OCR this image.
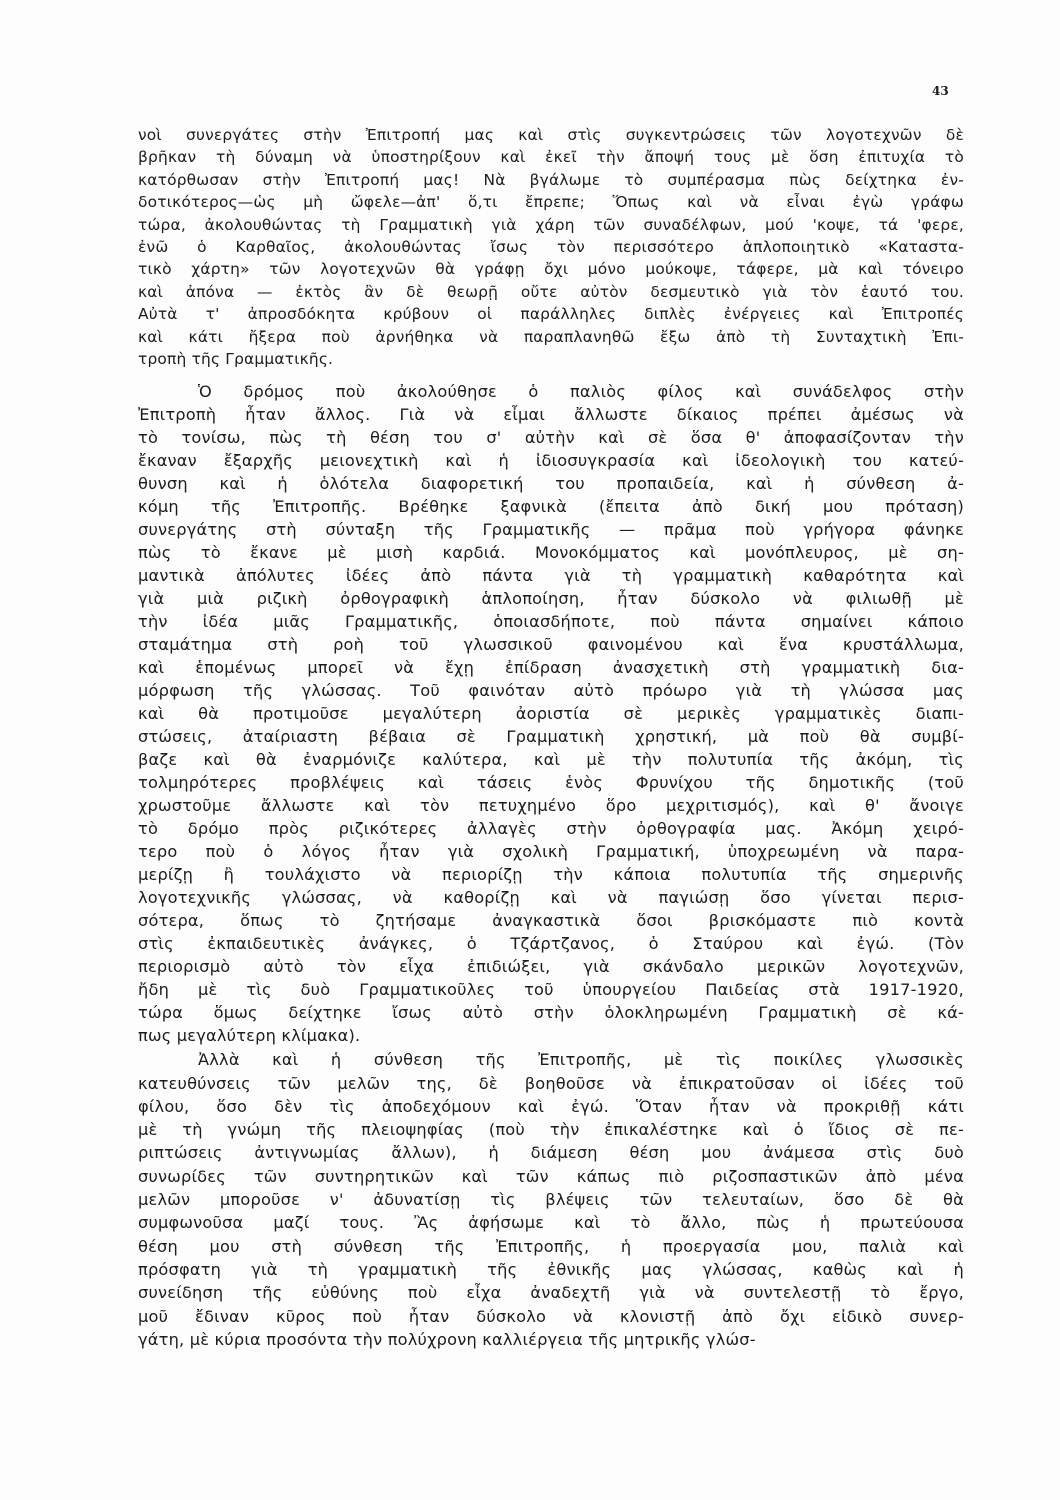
43
νοὶ συνεργάτες στὴν Ἐπιτροπή μας καὶ στὶς συγκεντρώσεις τῶν λογοτεχνῶν δὲ
βρῆκαν τὴ δύναμη νὰ ὑποστηρίξουν καὶ ἐκεῖ τὴν ἄποψή τους μὲ ὅση ἐπιτυχία τὸ
κατόρθωσαν στὴν Ἐπιτροπή μας! Νὰ βγάλωμε τὸ συμπέρασμα πὼς δείχτηκα ἐν-
δοτικότερος—ὡς μὴ ὤφελε—ἀπ' ὅ,τι ἔπρεπε; Ὅπως καὶ νὰ εἶναι ἐγὼ γράφω
τώρα, ἀκολουθώντας τὴ Γραμματικὴ γιὰ χάρη τῶν συναδέλφων, μού 'κοψε, τά 'φερε,
ἐνῶ ὁ Καρθαῖος, ἀκολουθώντας ἴσως τὸν περισσότερο ἁπλοποιητικὸ «Καταστα-
τικὸ χάρτη» τῶν λογοτεχνῶν θὰ γράφῃ ὄχι μόνο μούκοψε, τάφερε, μὰ καὶ τόνειρο
καὶ ἀπόνα — ἐκτὸς ἂν δὲ θεωρῇ οὔτε αὐτὸν δεσμευτικὸ γιὰ τὸν ἑαυτό του.
Αὐτὰ τ' ἀπροσδόκητα κρύβουν οἱ παράλληλες διπλὲς ἐνέργειες καὶ Ἐπιτροπές
καὶ κάτι ἤξερα ποὺ ἀρνήθηκα νὰ παραπλανηθῶ ἔξω ἀπὸ τὴ Συνταχτικὴ Ἐπι-
τροπὴ τῆς Γραμματικῆς.
Ὁ δρόμος ποὺ ἀκολούθησε ὁ παλιὸς φίλος καὶ συνάδελφος στὴν
Ἐπιτροπὴ ἦταν ἄλλος. Γιὰ νὰ εἶμαι ἄλλωστε δίκαιος πρέπει ἀμέσως νὰ
τὸ τονίσω, πὼς τὴ θέση του σ' αὐτὴν καὶ σὲ ὅσα θ' ἀποφασίζονταν τὴν
ἔκαναν ἔξαρχῆς μειονεχτικὴ καὶ ἡ ἰδιοσυγκρασία καὶ ἰδεολογικὴ του κατεύ-
θυνση καὶ ἡ ὁλότελα διαφορετική του προπαιδεία, καὶ ἡ σύνθεση ἀ-
κόμη τῆς Ἐπιτροπῆς. Βρέθηκε ξαφνικὰ (ἔπειτα ἀπὸ δική μου πρόταση)
συνεργάτης στὴ σύνταξη τῆς Γραμματικῆς — πρᾶμα ποὺ γρήγορα φάνηκε
πὼς τὸ ἔκανε μὲ μισὴ καρδιά. Μονοκόμματος καὶ μονόπλευρος, μὲ ση-
μαντικὰ ἀπόλυτες ἰδέες ἀπὸ πάντα γιὰ τὴ γραμματικὴ καθαρότητα καὶ
γιὰ μιὰ ριζικὴ ὀρθογραφικὴ ἁπλοποίηση, ἦταν δύσκολο νὰ φιλιωθῇ μὲ
τὴν ἰδέα μιᾶς Γραμματικῆς, ὁποιασδήποτε, ποὺ πάντα σημαίνει κάποιο
σταμάτημα στὴ ροὴ τοῦ γλωσσικοῦ φαινομένου καὶ ἕνα κρυστάλλωμα,
καὶ ἑπομένως μπορεῖ νὰ ἔχῃ ἐπίδραση ἀνασχετικὴ στὴ γραμματικὴ δια-
μόρφωση τῆς γλώσσας. Τοῦ φαινόταν αὐτὸ πρόωρο γιὰ τὴ γλώσσα μας
καὶ θὰ προτιμοῦσε μεγαλύτερη ἀοριστία σὲ μερικὲς γραμματικὲς διαπι-
στώσεις, ἀταίριαστη βέβαια σὲ Γραμματικὴ χρηστική, μὰ ποὺ θὰ συμβί-
βαζε καὶ θὰ ἐναρμόνιζε καλύτερα, καὶ μὲ τὴν πολυτυπία τῆς ἀκόμη, τὶς
τολμηρότερες προβλέψεις καὶ τάσεις ἑνὸς Φρυνίχου τῆς δημοτικῆς (τοῦ
χρωστοῦμε ἄλλωστε καὶ τὸν πετυχημένο ὅρο μεχριτισμός), καὶ θ' ἄνοιγε
τὸ δρόμο πρὸς ριζικότερες ἀλλαγὲς στὴν ὀρθογραφία μας. Ἀκόμη χειρό-
τερο ποὺ ὁ λόγος ἦταν γιὰ σχολικὴ Γραμματική, ὑποχρεωμένη νὰ παρα-
μερίζῃ ἢ τουλάχιστο νὰ περιορίζῃ τὴν κάποια πολυτυπία τῆς σημερινῆς
λογοτεχνικῆς γλώσσας, νὰ καθορίζῃ καὶ νὰ παγιώσῃ ὅσο γίνεται περισ-
σότερα, ὅπως τὸ ζητήσαμε ἀναγκαστικὰ ὅσοι βρισκόμαστε πιὸ κοντὰ
στὶς ἐκπαιδευτικὲς ἀνάγκες, ὁ Τζάρτζανος, ὁ Σταύρου καὶ ἐγώ. (Τὸν
περιορισμὸ αὐτὸ τὸν εἶχα ἐπιδιώξει, γιὰ σκάνδαλο μερικῶν λογοτεχνῶν,
ἤδη μὲ τὶς δυὸ Γραμματικοῦλες τοῦ ὑπουργείου Παιδείας στὰ 1917-1920,
τώρα ὅμως δείχτηκε ἴσως αὐτὸ στὴν ὁλοκληρωμένη Γραμματικὴ σὲ κά-
πως μεγαλύτερη κλίμακα).
Ἀλλὰ καὶ ἡ σύνθεση τῆς Ἐπιτροπῆς, μὲ τὶς ποικίλες γλωσσικὲς
κατευθύνσεις τῶν μελῶν της, δὲ βοηθοῦσε νὰ ἐπικρατοῦσαν οἱ ἰδέες τοῦ
φίλου, ὅσο δὲν τὶς ἀποδεχόμουν καὶ ἐγώ. Ὅταν ἦταν νὰ προκριθῇ κάτι
μὲ τὴ γνώμη τῆς πλειοψηφίας (ποὺ τὴν ἐπικαλέστηκε καὶ ὁ ἴδιος σὲ πε-
ριπτώσεις ἀντιγνωμίας ἄλλων), ἡ διάμεση θέση μου ἀνάμεσα στὶς δυὸ
συνωρίδες τῶν συντηρητικῶν καὶ τῶν κάπως πιὸ ριζοσπαστικῶν ἀπὸ μένα
μελῶν μποροῦσε ν' ἀδυνατίσῃ τὶς βλέψεις τῶν τελευταίων, ὅσο δὲ θὰ
συμφωνοῦσα μαζί τους. Ἂς ἀφήσωμε καὶ τὸ ἄλλο, πὼς ἡ πρωτεύουσα
θέση μου στὴ σύνθεση τῆς Ἐπιτροπῆς, ἡ προεργασία μου, παλιὰ καὶ
πρόσφατη γιὰ τὴ γραμματικὴ τῆς ἐθνικῆς μας γλώσσας, καθὼς καὶ ἡ
συνείδηση τῆς εὐθύνης ποὺ εἶχα ἀναδεχτῆ γιὰ νὰ συντελεστῇ τὸ ἔργο,
μοῦ ἔδιναν κῦρος ποὺ ἦταν δύσκολο νὰ κλονιστῇ ἀπὸ ὄχι εἰδικὸ συνερ-
γάτη, μὲ κύρια προσόντα τὴν πολύχρονη καλλιέργεια τῆς μητρικῆς γλώσ-
